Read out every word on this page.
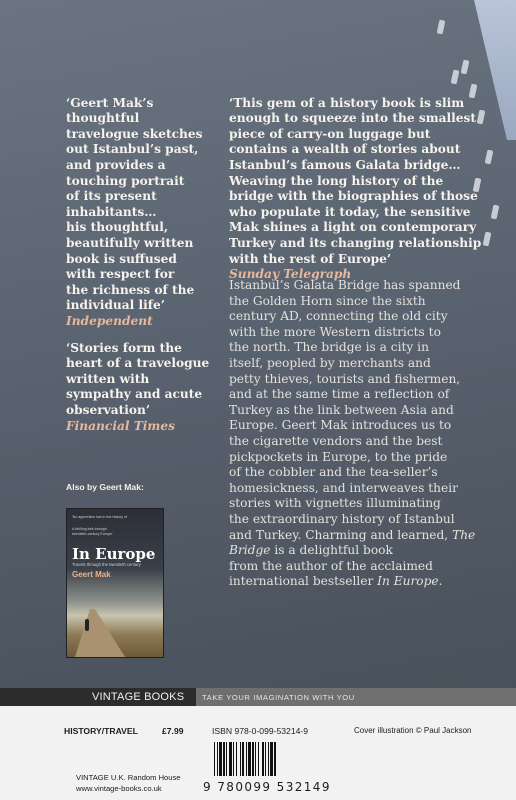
‘Geert Mak’s
thoughtful
travelogue sketches
out Istanbul’s past,
and provides a
touching portrait
of its present
inhabitants…
his thoughtful,
beautifully written
book is suffused
with respect for
the richness of the
individual life’

Independent

‘Stories form the
heart of a travelogue
written with
sympathy and acute
observation’

Financial Times

‘This gem of a history book is slim
enough to squeeze into the smallest
piece of carry-on luggage but
contains a wealth of stories about
Istanbul’s famous Galata bridge…
Weaving the long history of the
bridge with the biographies of those
who populate it today, the sensitive
Mak shines a light on contemporary
Turkey and its changing relationship
with the rest of Europe’

Sunday Telegraph

Istanbul’s Galata Bridge has spanned
the Golden Horn since the sixth
century AD, connecting the old city
with the more Western districts to
the north. The bridge is a city in
itself, peopled by merchants and
petty thieves, tourists and fishermen,
and at the same time a reflection of
Turkey as the link between Asia and
Europe. Geert Mak introduces us to
the cigarette vendors and the best
pickpockets in Europe, to the pride
of the cobbler and the tea-seller’s
homesickness, and interweaves their
stories with vignettes illuminating
the extraordinary history of Istanbul
and Turkey. Charming and learned, The Bridge is a delightful book
from the author of the acclaimed
international bestseller In Europe.
Also by Geert Mak:
'No apprentice lost in the history of
A thrilling trek through
twentieth-century Europe'
In Europe
Travels through the twentieth century
Geert Mak
VINTAGE BOOKS	TAKE YOUR IMAGINATION WITH YOU
HISTORY/TRAVEL	£7.99	ISBN 978-0-099-53214-9	Cover illustration © Paul Jackson
VINTAGE U.K. Random House
www.vintage-books.co.uk	9 780099 532149
